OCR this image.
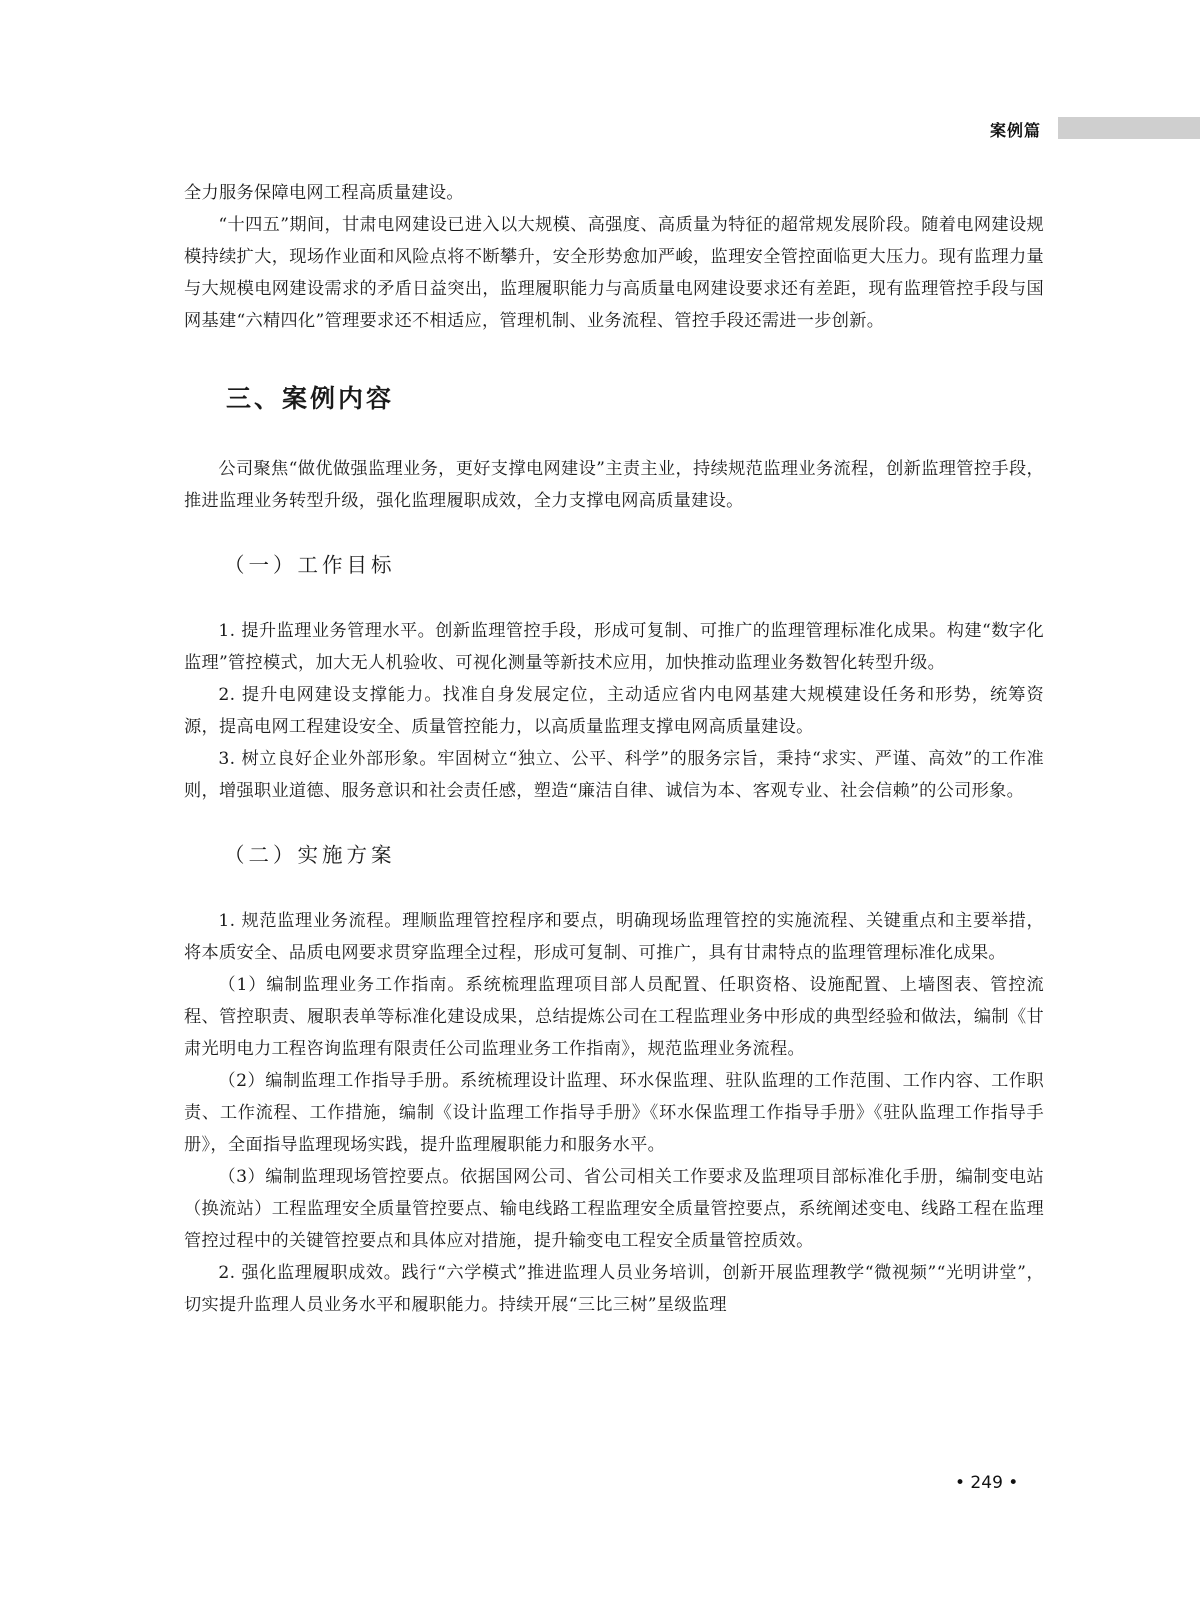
案例篇

全力服务保障电网工程高质量建设。

“十四五”期间，甘肃电网建设已进入以大规模、高强度、高质量为特征的超常规发展阶段。随着电网建设规模持续扩大，现场作业面和风险点将不断攀升，安全形势愈加严峻，监理安全管控面临更大压力。现有监理力量与大规模电网建设需求的矛盾日益突出，监理履职能力与高质量电网建设要求还有差距，现有监理管控手段与国网基建“六精四化”管理要求还不相适应，管理机制、业务流程、管控手段还需进一步创新。

三、案例内容

公司聚焦“做优做强监理业务，更好支撑电网建设”主责主业，持续规范监理业务流程，创新监理管控手段，推进监理业务转型升级，强化监理履职成效，全力支撑电网高质量建设。

（一）工作目标

1. 提升监理业务管理水平。创新监理管控手段，形成可复制、可推广的监理管理标准化成果。构建“数字化监理”管控模式，加大无人机验收、可视化测量等新技术应用，加快推动监理业务数智化转型升级。

2. 提升电网建设支撑能力。找准自身发展定位，主动适应省内电网基建大规模建设任务和形势，统筹资源，提高电网工程建设安全、质量管控能力，以高质量监理支撑电网高质量建设。

3. 树立良好企业外部形象。牢固树立“独立、公平、科学”的服务宗旨，秉持“求实、严谨、高效”的工作准则，增强职业道德、服务意识和社会责任感，塑造“廉洁自律、诚信为本、客观专业、社会信赖”的公司形象。

（二）实施方案

1. 规范监理业务流程。理顺监理管控程序和要点，明确现场监理管控的实施流程、关键重点和主要举措，将本质安全、品质电网要求贯穿监理全过程，形成可复制、可推广，具有甘肃特点的监理管理标准化成果。

（1）编制监理业务工作指南。系统梳理监理项目部人员配置、任职资格、设施配置、上墙图表、管控流程、管控职责、履职表单等标准化建设成果，总结提炼公司在工程监理业务中形成的典型经验和做法，编制《甘肃光明电力工程咨询监理有限责任公司监理业务工作指南》，规范监理业务流程。

（2）编制监理工作指导手册。系统梳理设计监理、环水保监理、驻队监理的工作范围、工作内容、工作职责、工作流程、工作措施，编制《设计监理工作指导手册》《环水保监理工作指导手册》《驻队监理工作指导手册》，全面指导监理现场实践，提升监理履职能力和服务水平。

（3）编制监理现场管控要点。依据国网公司、省公司相关工作要求及监理项目部标准化手册，编制变电站（换流站）工程监理安全质量管控要点、输电线路工程监理安全质量管控要点，系统阐述变电、线路工程在监理管控过程中的关键管控要点和具体应对措施，提升输变电工程安全质量管控质效。

2. 强化监理履职成效。践行“六学模式”推进监理人员业务培训，创新开展监理教学“微视频”“光明讲堂”，切实提升监理人员业务水平和履职能力。持续开展“三比三树”星级监理

• 249 •
